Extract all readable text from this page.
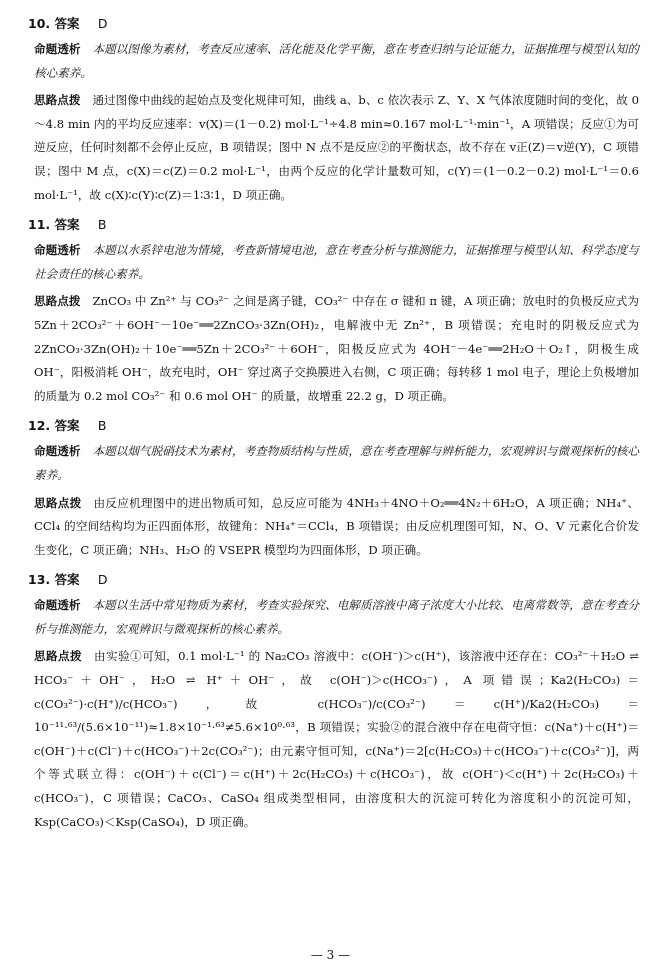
10. 答案 D
命题透析 本题以图像为素材，考查反应速率、活化能及化学平衡，意在考查归纳与论证能力，证据推理与模型认知的核心素养。
思路点拨 通过图像中曲线的起始点及变化规律可知，曲线 a、b、c 依次表示 Z、Y、X 气体浓度随时间的变化，故 0～4.8 min 内的平均反应速率：v(X)＝(1－0.2) mol·L⁻¹÷4.8 min≈0.167 mol·L⁻¹·min⁻¹，A 项错误；反应①为可逆反应，任何时刻都不会停止反应，B 项错误；图中 N 点不是反应②的平衡状态，故不存在 v正(Z)＝v逆(Y)，C 项错误；图中 M 点，c(X)＝c(Z)＝0.2 mol·L⁻¹，由两个反应的化学计量数可知，c(Y)＝(1－0.2－0.2) mol·L⁻¹＝0.6 mol·L⁻¹，故 c(X)∶c(Y)∶c(Z)＝1∶3∶1，D 项正确。
11. 答案 B
命题透析 本题以水系锌电池为情境，考查新情境电池，意在考查分析与推测能力，证据推理与模型认知、科学态度与社会责任的核心素养。
思路点拨 ZnCO₃ 中 Zn²⁺ 与 CO₃²⁻ 之间是离子键，CO₃²⁻ 中存在 σ 键和 π 键，A 项正确；放电时的负极反应式为 5Zn＋2CO₃²⁻＋6OH⁻－10e⁻══2ZnCO₃·3Zn(OH)₂，电解液中无 Zn²⁺，B 项错误；充电时的阴极反应式为 2ZnCO₃·3Zn(OH)₂＋10e⁻══5Zn＋2CO₃²⁻＋6OH⁻，阳极反应式为 4OH⁻－4e⁻══2H₂O＋O₂↑，阴极生成 OH⁻，阳极消耗 OH⁻，故充电时，OH⁻ 穿过离子交换膜进入右侧，C 项正确；每转移 1 mol 电子，理论上负极增加的质量为 0.2 mol CO₃²⁻ 和 0.6 mol OH⁻ 的质量，故增重 22.2 g，D 项正确。
12. 答案 B
命题透析 本题以烟气脱硝技术为素材，考查物质结构与性质，意在考查理解与辨析能力，宏观辨识与微观探析的核心素养。
思路点拨 由反应机理图中的进出物质可知，总反应可能为 4NH₃＋4NO＋O₂══4N₂＋6H₂O，A 项正确；NH₄⁺、CCl₄ 的空间结构均为正四面体形，故键角：NH₄⁺＝CCl₄，B 项错误；由反应机理图可知，N、O、V 元素化合价发生变化，C 项正确；NH₃、H₂O 的 VSEPR 模型均为四面体形，D 项正确。
13. 答案 D
命题透析 本题以生活中常见物质为素材，考查实验探究、电解质溶液中离子浓度大小比较、电离常数等，意在考查分析与推测能力，宏观辨识与微观探析的核心素养。
思路点拨 由实验①可知，0.1 mol·L⁻¹ 的 Na₂CO₃ 溶液中：c(OH⁻)＞c(H⁺)，该溶液中还存在：CO₃²⁻＋H₂O ⇌ HCO₃⁻＋OH⁻，H₂O ⇌ H⁺＋OH⁻，故 c(OH⁻)＞c(HCO₃⁻)，A 项错误；Ka2(H₂CO₃)＝c(CO₃²⁻)·c(H⁺)/c(HCO₃⁻)，故 c(HCO₃⁻)/c(CO₃²⁻)＝c(H⁺)/Ka2(H₂CO₃)＝10⁻¹¹·⁶³/(5.6×10⁻¹¹)≈1.8×10⁻¹·⁶³≠5.6×10⁰·⁶³，B 项错误；实验②的混合液中存在电荷守恒：c(Na⁺)＋c(H⁺)＝c(OH⁻)＋c(Cl⁻)＋c(HCO₃⁻)＋2c(CO₃²⁻)；由元素守恒可知，c(Na⁺)＝2[c(H₂CO₃)＋c(HCO₃⁻)＋c(CO₃²⁻)]，两个等式联立得：c(OH⁻)＋c(Cl⁻)＝c(H⁺)＋2c(H₂CO₃)＋c(HCO₃⁻)，故 c(OH⁻)＜c(H⁺)＋2c(H₂CO₃)＋c(HCO₃⁻)，C 项错误；CaCO₃、CaSO₄ 组成类型相同，由溶度积大的沉淀可转化为溶度积小的沉淀可知，Ksp(CaCO₃)＜Ksp(CaSO₄)，D 项正确。
— 3 —
